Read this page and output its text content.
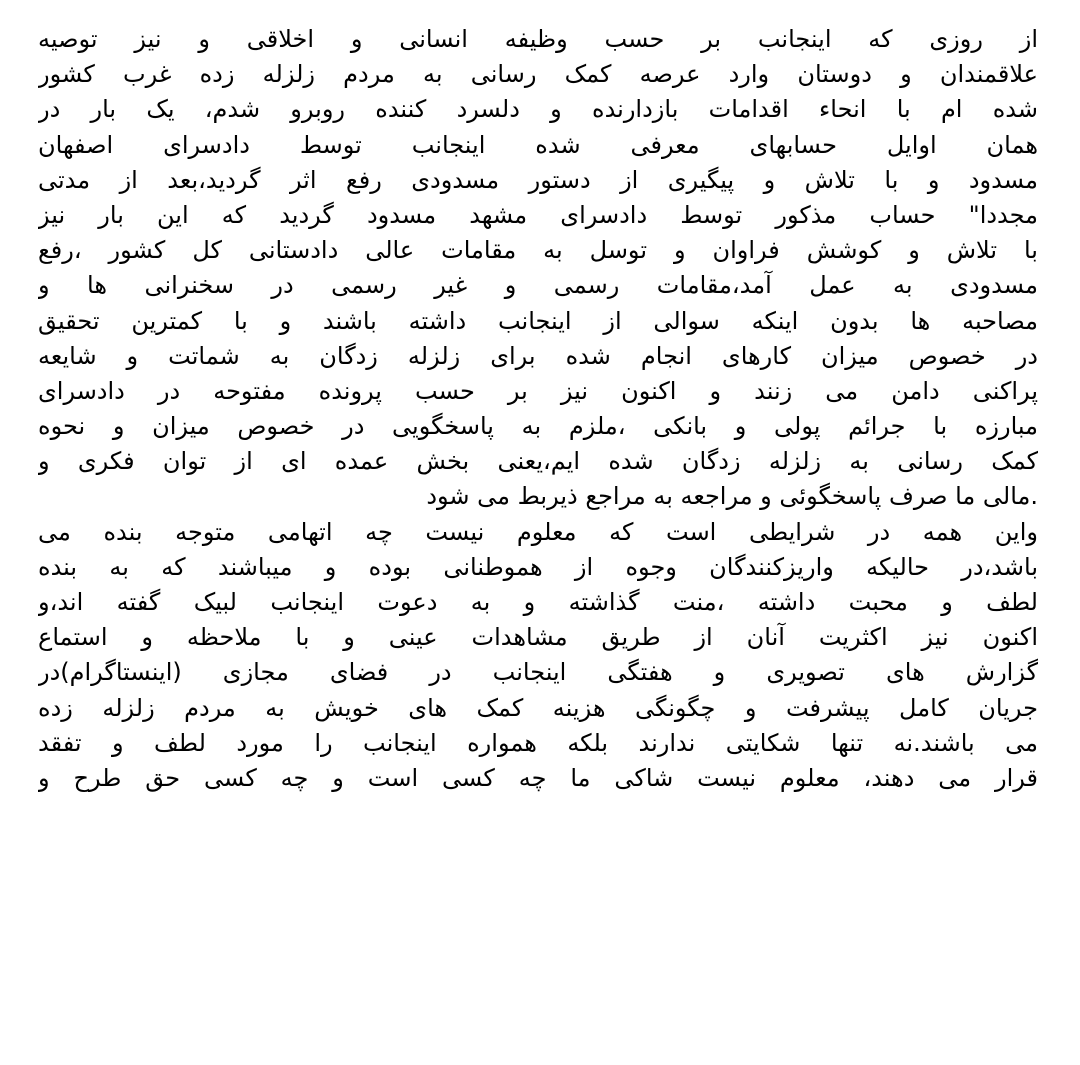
از روزی که اینجانب بر حسب وظیفه انسانی و اخلاقی و نیز توصیه
علاقمندان و دوستان وارد عرصه کمک رسانی به مردم زلزله زده غرب کشور
شده ام با انحاء اقدامات بازدارنده و دلسرد کننده روبرو شدم، یک بار در
همان اوایل حسابهای معرفی شده اینجانب توسط دادسرای اصفهان
مسدود و با تلاش و پیگیری از دستور مسدودی رفع اثر گردید،بعد از مدتی
مجددا" حساب مذکور توسط دادسرای مشهد مسدود گردید که این بار نیز
با تلاش و کوشش فراوان و توسل به مقامات عالی دادستانی کل کشور ،رفع
مسدودی به عمل آمد،مقامات رسمی و غیر رسمی در سخنرانی ها و
مصاحبه ها بدون اینکه سوالی از اینجانب داشته باشند و با کمترین تحقیق
در خصوص میزان کارهای انجام شده برای زلزله زدگان به شماتت و شایعه
پراکنی دامن می زنند و اکنون نیز بر حسب پرونده مفتوحه در دادسرای
مبارزه با جرائم پولی و بانکی ،ملزم به پاسخگویی در خصوص میزان و نحوه
کمک رسانی به زلزله زدگان شده ایم،یعنی بخش عمده ای از توان فکری و
.مالی ما صرف پاسخگوئی و مراجعه به مراجع ذیربط می شود
واین همه در شرایطی است که معلوم نیست چه اتهامی متوجه بنده می
باشد،در حالیکه واریزکنندگان وجوه از هموطنانی بوده و میباشند که به بنده
لطف و محبت داشته ،منت گذاشته و به دعوت اینجانب لبیک گفته اند،و
اکنون نیز اکثریت آنان از طریق مشاهدات عینی و با ملاحظه و استماع
گزارش های تصویری و هفتگی اینجانب در فضای مجازی (اینستاگرام)در
جریان کامل پیشرفت و چگونگی هزینه کمک های خویش به مردم زلزله زده
می باشند.نه تنها شکایتی ندارند بلکه همواره اینجانب را مورد لطف و تفقد
قرار می دهند، معلوم نیست شاکی ما چه کسی است و چه کسی حق طرح و
